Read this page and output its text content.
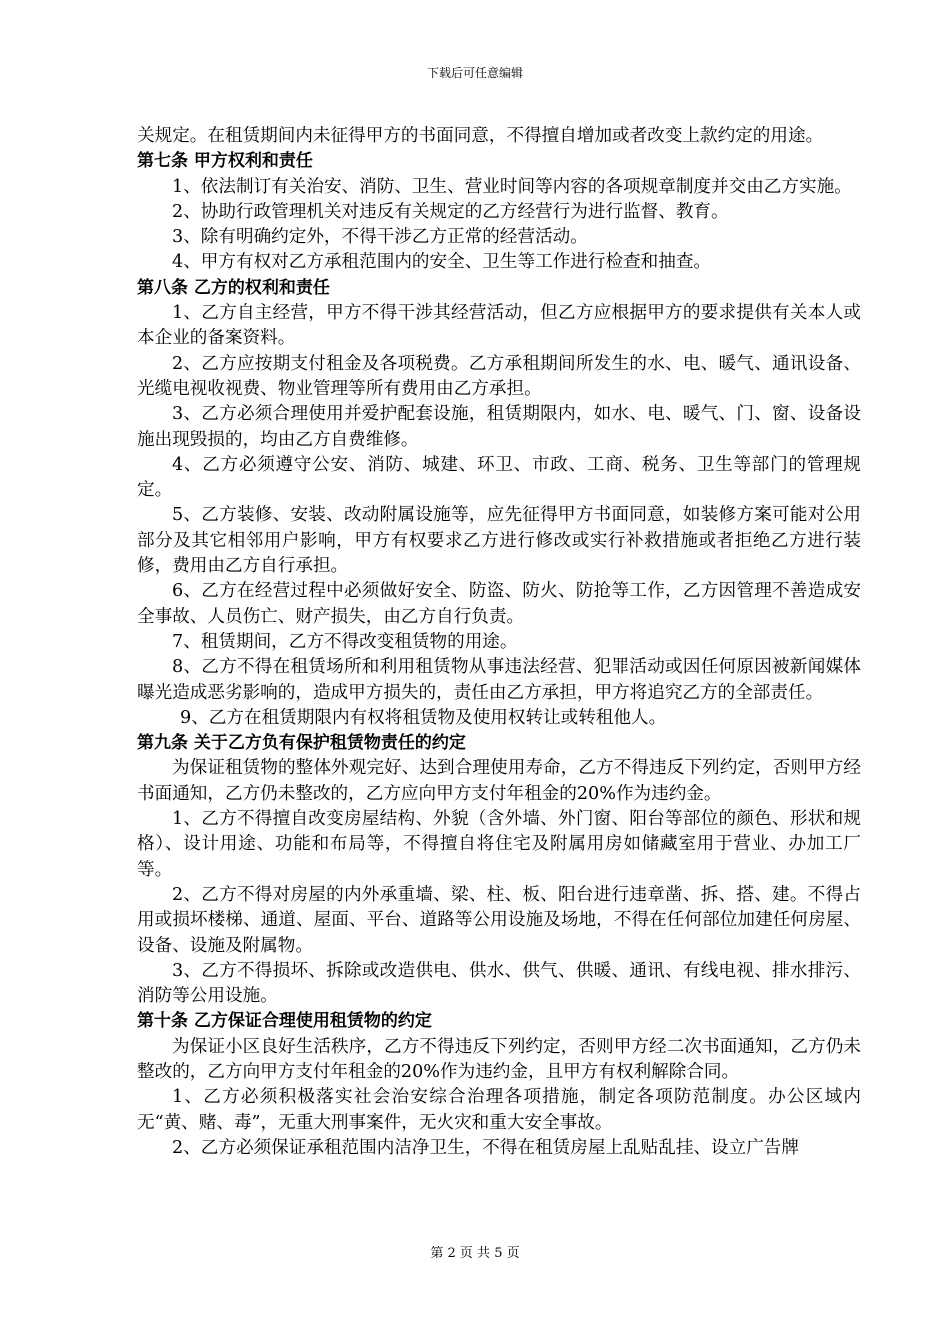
下载后可任意编辑

关规定。在租赁期间内未征得甲方的书面同意，不得擅自增加或者改变上款约定的用途。

第七条 甲方权利和责任

1、依法制订有关治安、消防、卫生、营业时间等内容的各项规章制度并交由乙方实施。

2、协助行政管理机关对违反有关规定的乙方经营行为进行监督、教育。

3、除有明确约定外，不得干涉乙方正常的经营活动。

4、甲方有权对乙方承租范围内的安全、卫生等工作进行检查和抽查。

第八条 乙方的权利和责任

1、乙方自主经营，甲方不得干涉其经营活动，但乙方应根据甲方的要求提供有关本人或本企业的备案资料。

2、乙方应按期支付租金及各项税费。乙方承租期间所发生的水、电、暖气、通讯设备、光缆电视收视费、物业管理等所有费用由乙方承担。

3、乙方必须合理使用并爱护配套设施，租赁期限内，如水、电、暖气、门、窗、设备设施出现毁损的，均由乙方自费维修。

4、乙方必须遵守公安、消防、城建、环卫、市政、工商、税务、卫生等部门的管理规定。

5、乙方装修、安装、改动附属设施等，应先征得甲方书面同意，如装修方案可能对公用部分及其它相邻用户影响，甲方有权要求乙方进行修改或实行补救措施或者拒绝乙方进行装修，费用由乙方自行承担。

6、乙方在经营过程中必须做好安全、防盗、防火、防抢等工作，乙方因管理不善造成安全事故、人员伤亡、财产损失，由乙方自行负责。

7、租赁期间，乙方不得改变租赁物的用途。

8、乙方不得在租赁场所和利用租赁物从事违法经营、犯罪活动或因任何原因被新闻媒体曝光造成恶劣影响的，造成甲方损失的，责任由乙方承担，甲方将追究乙方的全部责任。

9、乙方在租赁期限内有权将租赁物及使用权转让或转租他人。

第九条 关于乙方负有保护租赁物责任的约定

为保证租赁物的整体外观完好、达到合理使用寿命，乙方不得违反下列约定，否则甲方经书面通知，乙方仍未整改的，乙方应向甲方支付年租金的20%作为违约金。

1、乙方不得擅自改变房屋结构、外貌（含外墙、外门窗、阳台等部位的颜色、形状和规格）、设计用途、功能和布局等，不得擅自将住宅及附属用房如储藏室用于营业、办加工厂等。

2、乙方不得对房屋的内外承重墙、梁、柱、板、阳台进行违章凿、拆、搭、建。不得占用或损坏楼梯、通道、屋面、平台、道路等公用设施及场地，不得在任何部位加建任何房屋、设备、设施及附属物。

3、乙方不得损坏、拆除或改造供电、供水、供气、供暖、通讯、有线电视、排水排污、消防等公用设施。

第十条 乙方保证合理使用租赁物的约定

为保证小区良好生活秩序，乙方不得违反下列约定，否则甲方经二次书面通知，乙方仍未整改的，乙方向甲方支付年租金的20%作为违约金，且甲方有权利解除合同。

1、乙方必须积极落实社会治安综合治理各项措施，制定各项防范制度。办公区域内无“黄、赌、毒”，无重大刑事案件，无火灾和重大安全事故。

2、乙方必须保证承租范围内洁净卫生，不得在租赁房屋上乱贴乱挂、设立广告牌

第 2 页 共 5 页
